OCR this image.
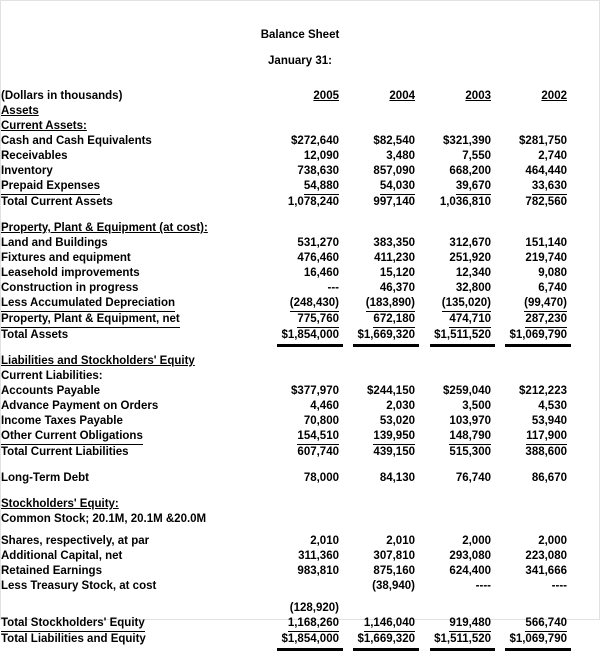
Balance Sheet
January 31:
(Dollars in thousands)	2005	2004	2003	2002	
Assets					
Current Assets:					
Cash and Cash Equivalents	$272,640	$82,540	$321,390	$281,750	
Receivables	12,090	3,480	7,550	2,740	
Inventory	738,630	857,090	668,200	464,440	
Prepaid Expenses	54,880	54,030	39,670	33,630	
Total Current Assets	1,078,240	997,140	1,036,810	782,560	

Property, Plant & Equipment (at cost):					
Land and Buildings	531,270	383,350	312,670	151,140	
Fixtures and equipment	476,460	411,230	251,920	219,740	
Leasehold improvements	16,460	15,120	12,340	9,080	
Construction in progress	---	46,370	32,800	6,740	
Less Accumulated Depreciation	(248,430)	(183,890)	(135,020)	(99,470)	
Property, Plant & Equipment, net	775,760	672,180	474,710	287,230	
Total Assets	$1,854,000	$1,669,320	$1,511,520	$1,069,790	

Liabilities and Stockholders' Equity					
Current Liabilities:					
Accounts Payable	$377,970	$244,150	$259,040	$212,223	
Advance Payment on Orders	4,460	2,030	3,500	4,530	
Income Taxes Payable	70,800	53,020	103,970	53,940	
Other Current Obligations	154,510	139,950	148,790	117,900	
Total Current Liabilities	607,740	439,150	515,300	388,600	

Long-Term Debt	78,000	84,130	76,740	86,670	

Stockholders' Equity:					
Common Stock; 20.1M, 20.1M &20.0M					

Shares, respectively, at par	2,010	2,010	2,000	2,000	
Additional Capital, net	311,360	307,810	293,080	223,080	
Retained Earnings	983,810	875,160	624,400	341,666	
Less Treasury Stock, at cost		(38,940)	----	----	

	(128,920)				
Total Stockholders' Equity	1,168,260	1,146,040	919,480	566,740	
Total Liabilities and Equity	$1,854,000	$1,669,320	$1,511,520	$1,069,790	
